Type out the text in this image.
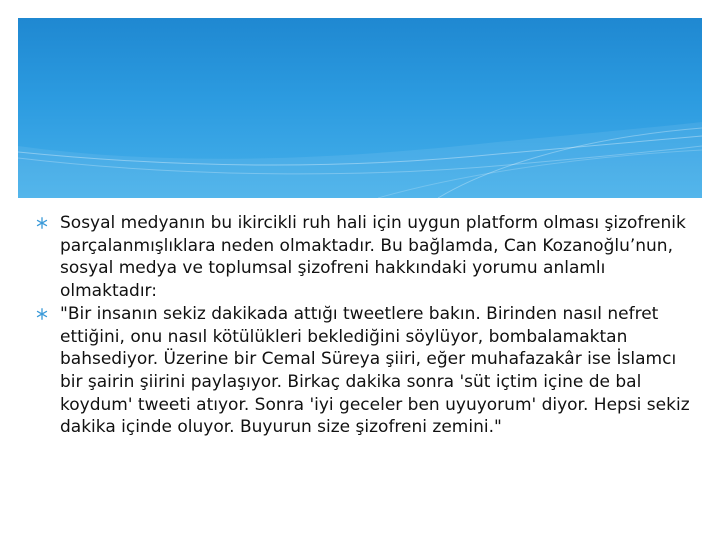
Sosyal medyanın bu ikircikli ruh hali için uygun platform olması şizofrenik parçalanmışlıklara neden olmaktadır. Bu bağlamda, Can Kozanoğlu’nun, sosyal medya ve toplumsal şizofreni hakkındaki yorumu anlamlı olmaktadır:

"Bir insanın sekiz dakikada attığı tweetlere bakın. Birinden nasıl nefret ettiğini, onu nasıl kötülükleri beklediğini söylüyor, bombalamaktan bahsediyor. Üzerine bir Cemal Süreya şiiri, eğer muhafazakâr ise İslamcı bir şairin şiirini paylaşıyor. Birkaç dakika sonra 'süt içtim içine de bal koydum' tweeti atıyor. Sonra 'iyi geceler ben uyuyorum' diyor. Hepsi sekiz dakika içinde oluyor. Buyurun size şizofreni zemini."
